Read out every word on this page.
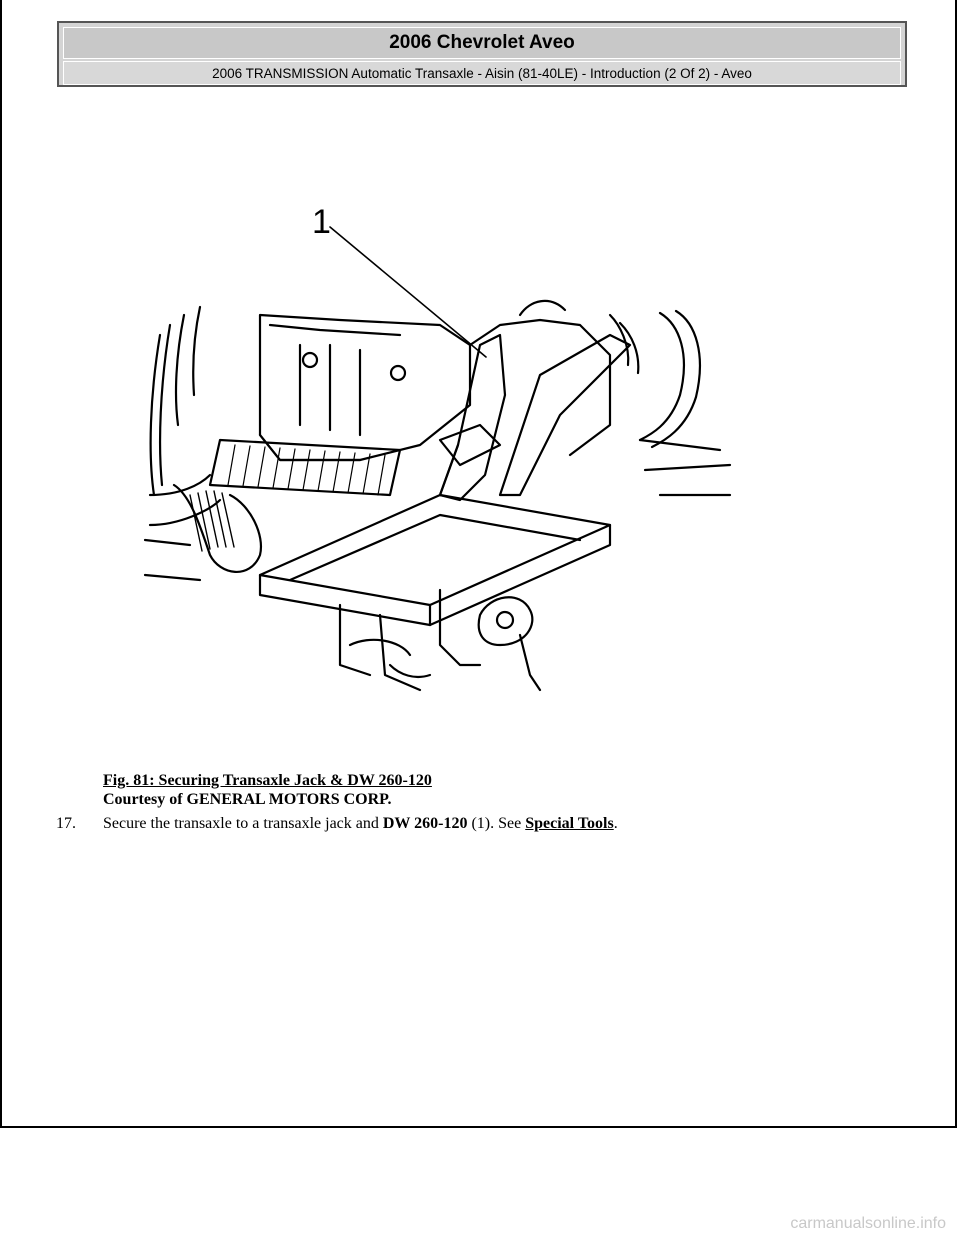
2006 Chevrolet Aveo
2006 TRANSMISSION Automatic Transaxle - Aisin (81-40LE) - Introduction (2 Of 2) - Aveo
1
Fig. 81: Securing Transaxle Jack & DW 260-120
Courtesy of GENERAL MOTORS CORP.
17. Secure the transaxle to a transaxle jack and DW 260-120 (1). See Special Tools.
carmanualsonline.info
